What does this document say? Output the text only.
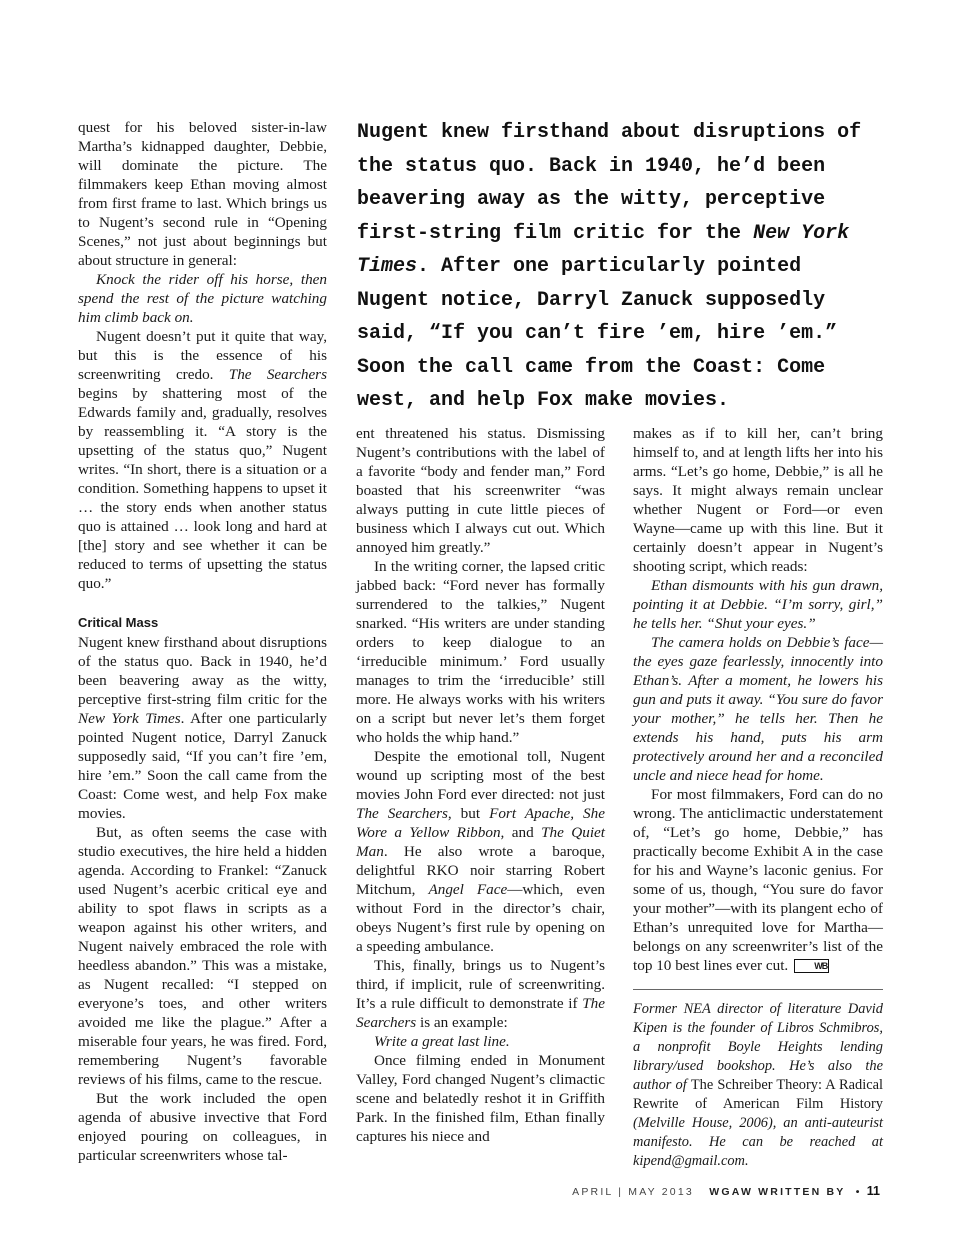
Nugent knew firsthand about disruptions of the status quo. Back in 1940, he’d been beavering away as the witty, perceptive first-string film critic for the New York Times. After one particularly pointed Nugent notice, Darryl Zanuck supposedly said, “If you can’t fire ’em, hire ’em.” Soon the call came from the Coast: Come west, and help Fox make movies.

quest for his beloved sister-in-law Martha’s kidnapped daughter, Debbie, will dominate the picture. The filmmakers keep Ethan moving almost from first frame to last. Which brings us to Nugent’s second rule in “Opening Scenes,” not just about beginnings but about structure in general:

Knock the rider off his horse, then spend the rest of the picture watching him climb back on.

Nugent doesn’t put it quite that way, but this is the essence of his screenwriting credo. The Searchers begins by shattering most of the Edwards family and, gradually, resolves by reassembling it. “A story is the upsetting of the status quo,” Nugent writes. “In short, there is a situation or a condition. Something happens to upset it … the story ends when another status quo is attained … look long and hard at [the] story and see whether it can be reduced to terms of upsetting the status quo.”

Critical Mass

Nugent knew firsthand about disruptions of the status quo. Back in 1940, he’d been beavering away as the witty, perceptive first-string film critic for the New York Times. After one particularly pointed Nugent notice, Darryl Zanuck supposedly said, “If you can’t fire ’em, hire ’em.” Soon the call came from the Coast: Come west, and help Fox make movies.

But, as often seems the case with studio executives, the hire held a hidden agenda. According to Frankel: “Zanuck used Nugent’s acerbic critical eye and ability to spot flaws in scripts as a weapon against his other writers, and Nugent naively embraced the role with heedless abandon.” This was a mistake, as Nugent recalled: “I stepped on everyone’s toes, and other writers avoided me like the plague.” After a miserable four years, he was fired. Ford, remembering Nugent’s favorable reviews of his films, came to the rescue.

But the work included the open agenda of abusive invective that Ford enjoyed pouring on colleagues, in particular screenwriters whose tal-

ent threatened his status. Dismissing Nugent’s contributions with the label of a favorite “body and fender man,” Ford boasted that his screenwriter “was always putting in cute little pieces of business which I always cut out. Which annoyed him greatly.”

In the writing corner, the lapsed critic jabbed back: “Ford never has formally surrendered to the talkies,” Nugent snarked. “His writers are under standing orders to keep dialogue to an ‘irreducible minimum.’ Ford usually manages to trim the ‘irreducible’ still more. He always works with his writers on a script but never let’s them forget who holds the whip hand.”

Despite the emotional toll, Nugent wound up scripting most of the best movies John Ford ever directed: not just The Searchers, but Fort Apache, She Wore a Yellow Ribbon, and The Quiet Man. He also wrote a baroque, delightful RKO noir starring Robert Mitchum, Angel Face—which, even without Ford in the director’s chair, obeys Nugent’s first rule by opening on a speeding ambulance.

This, finally, brings us to Nugent’s third, if implicit, rule of screenwriting. It’s a rule difficult to demonstrate if The Searchers is an example:

Write a great last line.

Once filming ended in Monument Valley, Ford changed Nugent’s climactic scene and belatedly reshot it in Griffith Park. In the finished film, Ethan finally captures his niece and

makes as if to kill her, can’t bring himself to, and at length lifts her into his arms. “Let’s go home, Debbie,” is all he says. It might always remain unclear whether Nugent or Ford—or even Wayne—came up with this line. But it certainly doesn’t appear in Nugent’s shooting script, which reads:

Ethan dismounts with his gun drawn, pointing it at Debbie. “I’m sorry, girl,” he tells her. “Shut your eyes.”

The camera holds on Debbie’s face—the eyes gaze fearlessly, innocently into Ethan’s. After a moment, he lowers his gun and puts it away. “You sure do favor your mother,” he tells her. Then he extends his hand, puts his arm protectively around her and a reconciled uncle and niece head for home.

For most filmmakers, Ford can do no wrong. The anticlimactic understatement of, “Let’s go home, Debbie,” has practically become Exhibit A in the case for his and Wayne’s laconic genius. For some of us, though, “You sure do favor your mother”—with its plangent echo of Ethan’s unrequited love for Martha—belongs on any screenwriter’s list of the top 10 best lines ever cut.	WB

Former NEA director of literature David Kipen is the founder of Libros Schmibros, a nonprofit Boyle Heights lending library/used bookshop. He’s also the author of The Schreiber Theory: A Radical Rewrite of American Film History (Melville House, 2006), an anti-auteurist manifesto. He can be reached at kipend@gmail.com.
APRIL | MAY 2013 WGAW WRITTEN BY • 11
